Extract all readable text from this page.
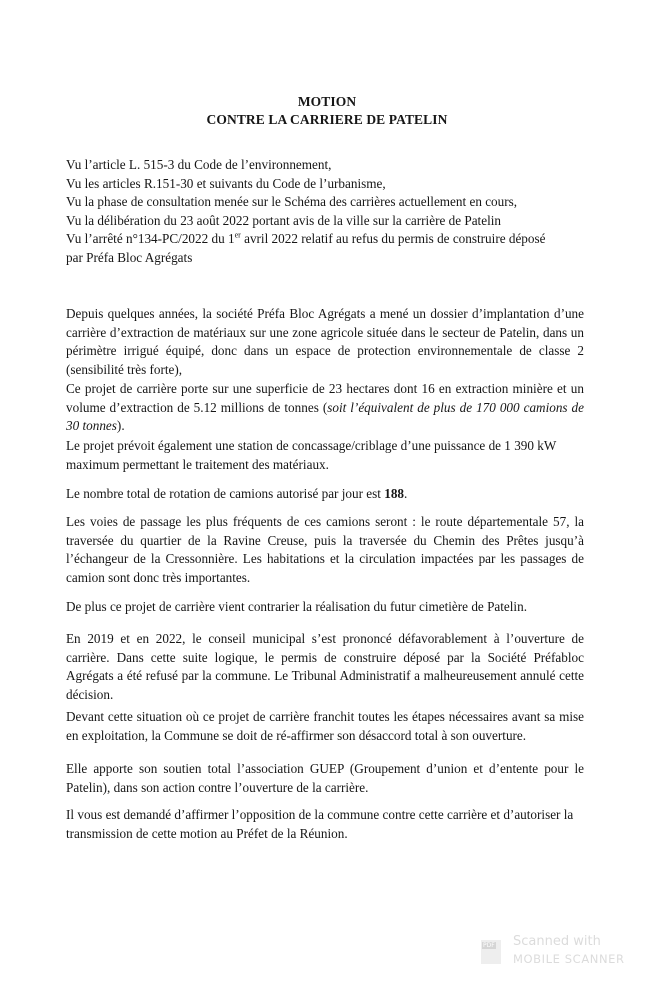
MOTION
CONTRE LA CARRIERE DE PATELIN
Vu l’article L. 515-3 du Code de l’environnement,
Vu les articles R.151-30 et suivants du Code de l’urbanisme,
Vu la phase de consultation menée sur le Schéma des carrières actuellement en cours,
Vu la délibération du 23 août 2022 portant avis de la ville sur la carrière de Patelin
Vu l’arrêté n°134-PC/2022 du 1er avril 2022 relatif au refus du permis de construire déposé
par Préfa Bloc Agrégats
Depuis quelques années, la société Préfa Bloc Agrégats a mené un dossier d’implantation d’une carrière d’extraction de matériaux sur une zone agricole située dans le secteur de Patelin, dans un périmètre irrigué équipé, donc dans un espace de protection environnementale de classe 2 (sensibilité très forte),
Ce projet de carrière porte sur une superficie de 23 hectares dont 16 en extraction minière et un volume d’extraction de 5.12 millions de tonnes (soit l’équivalent de plus de 170 000 camions de 30 tonnes).
Le projet prévoit également une station de concassage/criblage d’une puissance de 1 390 kW maximum permettant le traitement des matériaux.
Le nombre total de rotation de camions autorisé par jour est 188.
Les voies de passage les plus fréquents de ces camions seront : le route départementale 57, la traversée du quartier de la Ravine Creuse, puis la traversée du Chemin des Prêtes jusqu’à l’échangeur de la Cressonnière. Les habitations et la circulation impactées par les passages de camion sont donc très importantes.
De plus ce projet de carrière vient contrarier la réalisation du futur cimetière de Patelin.
En 2019 et en 2022, le conseil municipal s’est prononcé défavorablement à l’ouverture de carrière. Dans cette suite logique, le permis de construire déposé par la Société Préfabloc Agrégats a été refusé par la commune. Le Tribunal Administratif a malheureusement annulé cette décision.
Devant cette situation où ce projet de carrière franchit toutes les étapes nécessaires avant sa mise en exploitation, la Commune se doit de ré-affirmer son désaccord total à son ouverture.
Elle apporte son soutien total l’association GUEP (Groupement d’union et d’entente pour le Patelin), dans son action contre l’ouverture de la carrière.
Il vous est demandé d’affirmer l’opposition de la commune contre cette carrière et d’autoriser la transmission de cette motion au Préfet de la Réunion.
PDF Scanned with
MOBILE SCANNER
